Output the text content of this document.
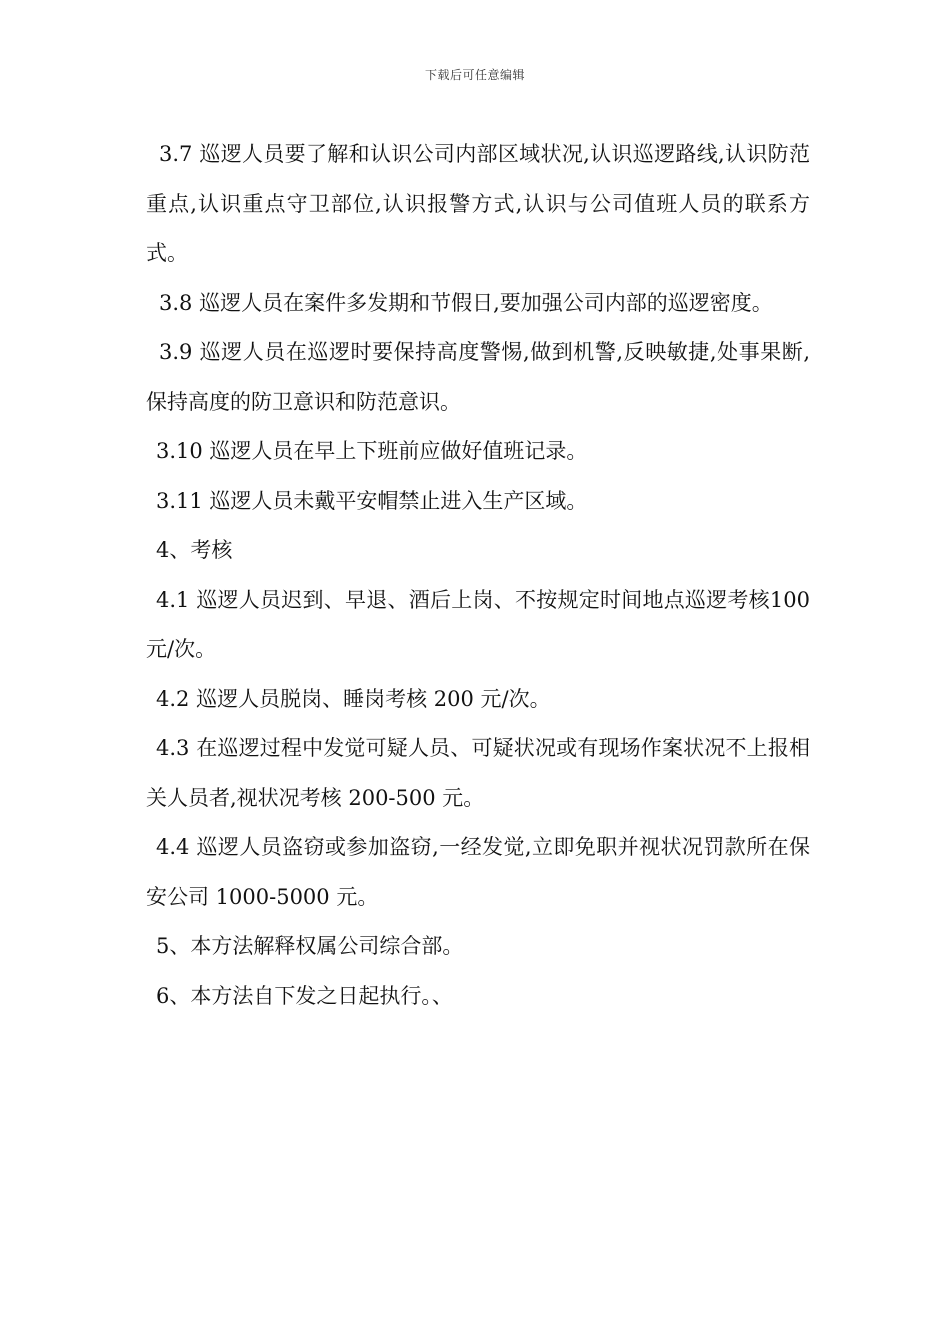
下载后可任意编辑

3.7 巡逻人员要了解和认识公司内部区域状况,认识巡逻路线,认识防范重点,认识重点守卫部位,认识报警方式,认识与公司值班人员的联系方式。

3.8 巡逻人员在案件多发期和节假日,要加强公司内部的巡逻密度。

3.9 巡逻人员在巡逻时要保持高度警惕,做到机警,反映敏捷,处事果断,保持高度的防卫意识和防范意识。

3.10 巡逻人员在早上下班前应做好值班记录。

3.11 巡逻人员未戴平安帽禁止进入生产区域。

4、考核

4.1 巡逻人员迟到、早退、酒后上岗、不按规定时间地点巡逻考核100 元/次。

4.2 巡逻人员脱岗、睡岗考核 200 元/次。

4.3 在巡逻过程中发觉可疑人员、可疑状况或有现场作案状况不上报相关人员者,视状况考核 200-500 元。

4.4 巡逻人员盗窃或参加盗窃,一经发觉,立即免职并视状况罚款所在保安公司 1000-5000 元。

5、本方法解释权属公司综合部。

6、本方法自下发之日起执行。、
